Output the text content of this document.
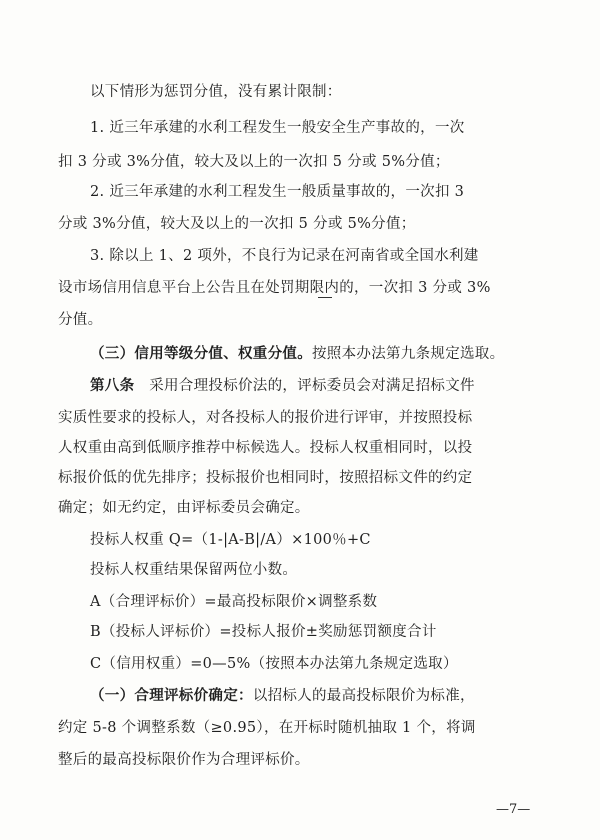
以下情形为惩罚分值，没有累计限制：
1. 近三年承建的水利工程发生一般安全生产事故的，一次
扣 3 分或 3%分值，较大及以上的一次扣 5 分或 5%分值；
2. 近三年承建的水利工程发生一般质量事故的，一次扣 3
分或 3%分值，较大及以上的一次扣 5 分或 5%分值；
3. 除以上 1、2 项外，不良行为记录在河南省或全国水利建
设市场信用信息平台上公告且在处罚期限内的，一次扣 3 分或 3%
分值。
（三）信用等级分值、权重分值。按照本办法第九条规定选取。
第八条　采用合理投标价法的，评标委员会对满足招标文件
实质性要求的投标人，对各投标人的报价进行评审，并按照投标
人权重由高到低顺序推荐中标候选人。投标人权重相同时，以投
标报价低的优先排序；投标报价也相同时，按照招标文件的约定
确定；如无约定，由评标委员会确定。
投标人权重 Q=（1-|A-B|/A）×100％+C
投标人权重结果保留两位小数。
A（合理评标价）=最高投标限价×调整系数
B（投标人评标价）=投标人报价±奖励惩罚额度合计
C（信用权重）=0—5%（按照本办法第九条规定选取）
（一）合理评标价确定：以招标人的最高投标限价为标准，
约定 5-8 个调整系数（≥0.95），在开标时随机抽取 1 个，将调
整后的最高投标限价作为合理评标价。
—7—
